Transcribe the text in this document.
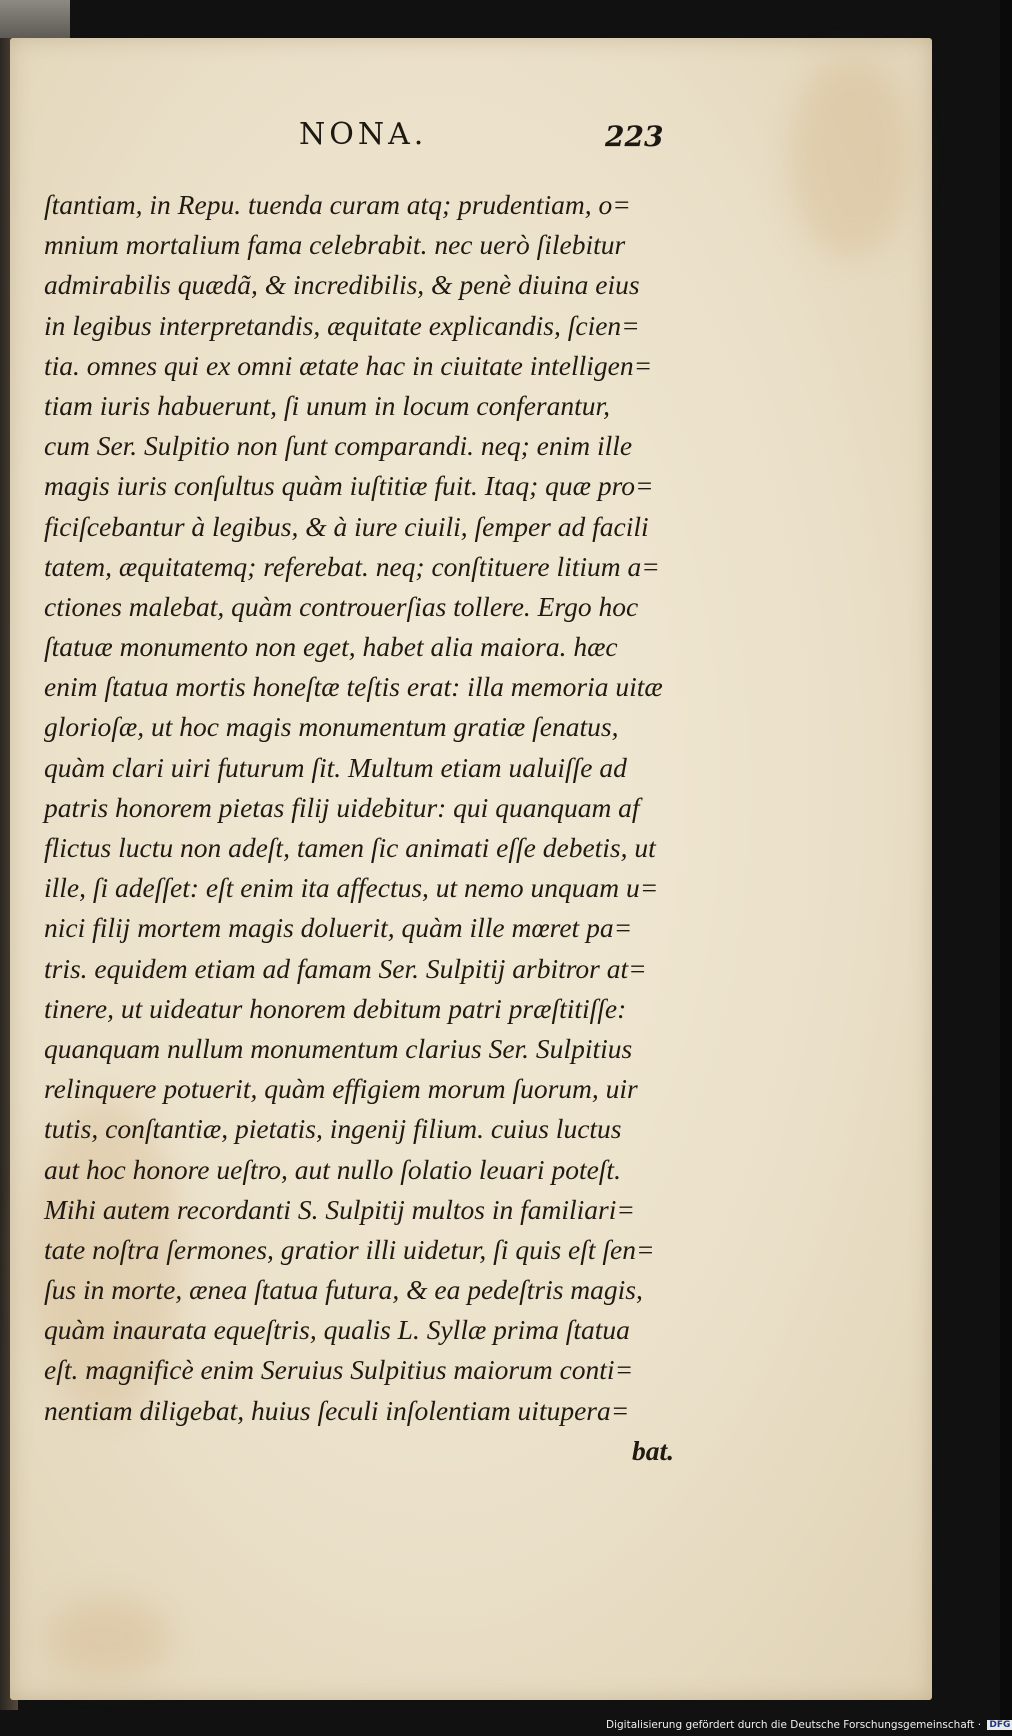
NONA.	223
ſtantiam, in Repu. tuenda curam atq; prudentiam, o=
mnium mortalium fama celebrabit. nec uerò ſilebitur
admirabilis quædã, & incredibilis, & penè diuina eius
in legibus interpretandis, æquitate explicandis, ſcien=
tia. omnes qui ex omni ætate hac in ciuitate intelligen=
tiam iuris habuerunt, ſi unum in locum conferantur,
cum Ser. Sulpitio non ſunt comparandi. neq; enim ille
magis iuris conſultus quàm iuſtitiæ fuit. Itaq; quæ pro=
ficiſcebantur à legibus, & à iure ciuili, ſemper ad facili
tatem, æquitatemq; referebat. neq; conſtituere litium a=
ctiones malebat, quàm controuerſias tollere. Ergo hoc
ſtatuæ monumento non eget, habet alia maiora. hæc
enim ſtatua mortis honeſtæ teſtis erat: illa memoria uitæ
glorioſæ, ut hoc magis monumentum gratiæ ſenatus,
quàm clari uiri futurum ſit. Multum etiam ualuiſſe ad
patris honorem pietas filij uidebitur: qui quanquam af
flictus luctu non adeſt, tamen ſic animati eſſe debetis, ut
ille, ſi adeſſet: eſt enim ita affectus, ut nemo unquam u=
nici filij mortem magis doluerit, quàm ille mœret pa=
tris. equidem etiam ad famam Ser. Sulpitij arbitror at=
tinere, ut uideatur honorem debitum patri præſtitiſſe:
quanquam nullum monumentum clarius Ser. Sulpitius
relinquere potuerit, quàm effigiem morum ſuorum, uir
tutis, conſtantiæ, pietatis, ingenij filium. cuius luctus
aut hoc honore ueſtro, aut nullo ſolatio leuari poteſt.
Mihi autem recordanti S. Sulpitij multos in familiari=
tate noſtra ſermones, gratior illi uidetur, ſi quis eſt ſen=
ſus in morte, ænea ſtatua futura, & ea pedeſtris magis,
quàm inaurata equeſtris, qualis L. Syllæ prima ſtatua
eſt. magnificè enim Seruius Sulpitius maiorum conti=
nentiam diligebat, huius ſeculi inſolentiam uitupera=
bat.
Digitalisierung gefördert durch die Deutsche Forschungsgemeinschaft · DFG
